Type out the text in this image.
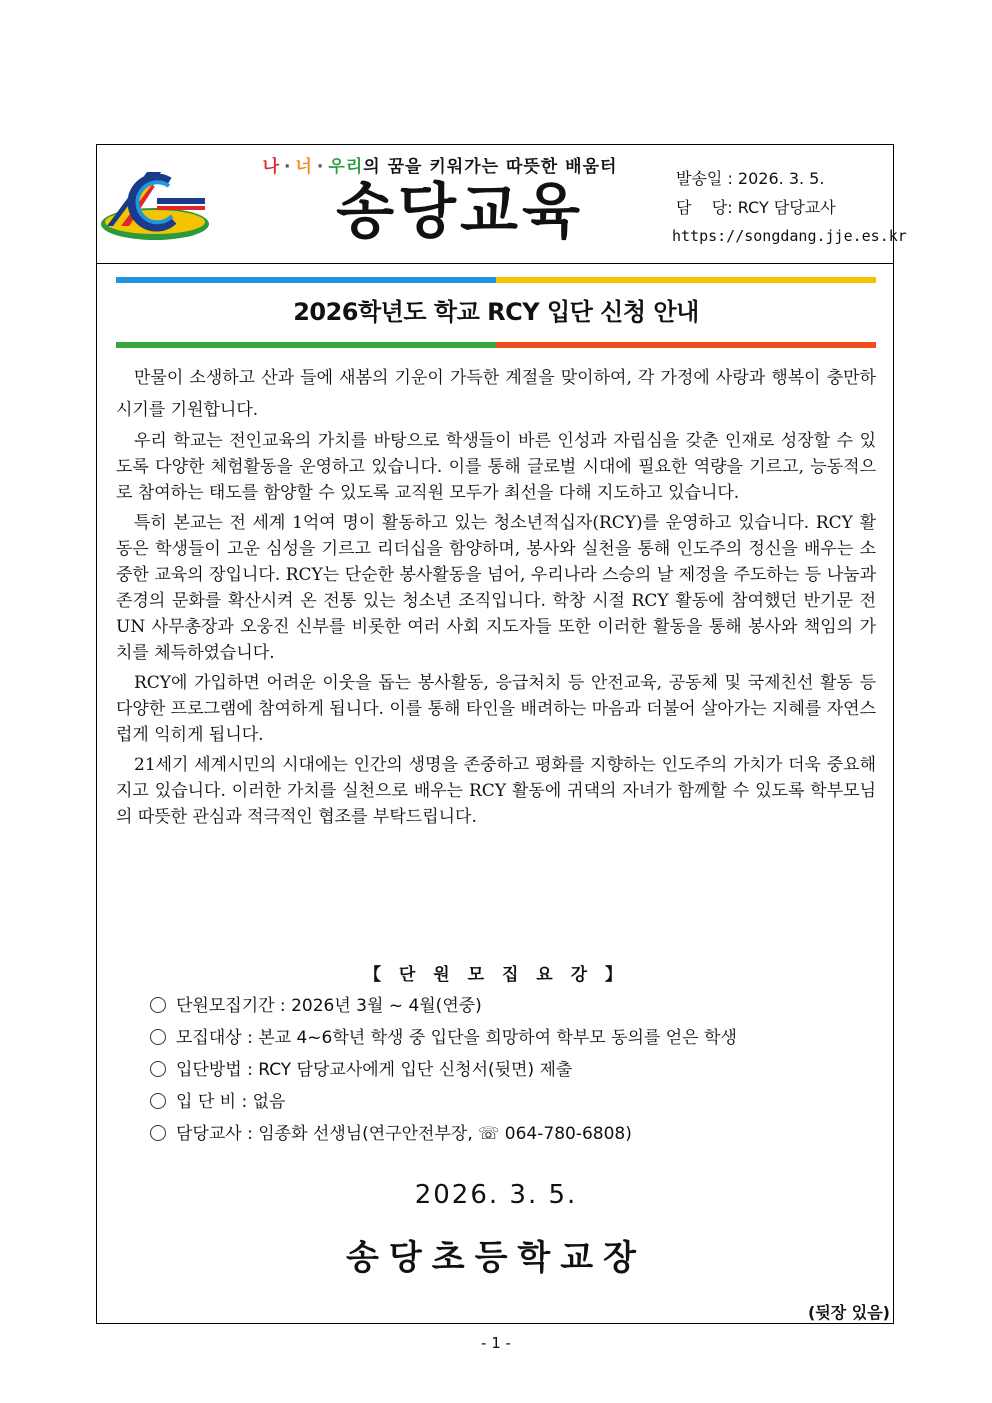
나 · 너 · 우리의 꿈을 키워가는 따뜻한 배움터
송당교육	발송일 : 2026. 3. 5.
담    당: RCY 담당교사
https://songdang.jje.es.kr
2026학년도 학교 RCY 입단 신청 안내

만물이 소생하고 산과 들에 새봄의 기운이 가득한 계절을 맞이하여, 각 가정에 사랑과 행복이 충만하시기를 기원합니다.

우리 학교는 전인교육의 가치를 바탕으로 학생들이 바른 인성과 자립심을 갖춘 인재로 성장할 수 있도록 다양한 체험활동을 운영하고 있습니다. 이를 통해 글로벌 시대에 필요한 역량을 기르고, 능동적으로 참여하는 태도를 함양할 수 있도록 교직원 모두가 최선을 다해 지도하고 있습니다.

특히 본교는 전 세계 1억여 명이 활동하고 있는 청소년적십자(RCY)를 운영하고 있습니다. RCY 활동은 학생들이 고운 심성을 기르고 리더십을 함양하며, 봉사와 실천을 통해 인도주의 정신을 배우는 소중한 교육의 장입니다. RCY는 단순한 봉사활동을 넘어, 우리나라 스승의 날 제정을 주도하는 등 나눔과 존경의 문화를 확산시켜 온 전통 있는 청소년 조직입니다. 학창 시절 RCY 활동에 참여했던 반기문 전 UN 사무총장과 오웅진 신부를 비롯한 여러 사회 지도자들 또한 이러한 활동을 통해 봉사와 책임의 가치를 체득하였습니다.

RCY에 가입하면 어려운 이웃을 돕는 봉사활동, 응급처치 등 안전교육, 공동체 및 국제친선 활동 등 다양한 프로그램에 참여하게 됩니다. 이를 통해 타인을 배려하는 마음과 더불어 살아가는 지혜를 자연스럽게 익히게 됩니다.

21세기 세계시민의 시대에는 인간의 생명을 존중하고 평화를 지향하는 인도주의 가치가 더욱 중요해지고 있습니다. 이러한 가치를 실천으로 배우는 RCY 활동에 귀댁의 자녀가 함께할 수 있도록 학부모님의 따뜻한 관심과 적극적인 협조를 부탁드립니다.

【 단 원 모 집 요 강 】
단원모집기간 : 2026년 3월 ~ 4월(연중)
모집대상 : 본교 4~6학년 학생 중 입단을 희망하여 학부모 동의를 얻은 학생
입단방법 : RCY 담당교사에게 입단 신청서(뒷면) 제출
입 단 비 : 없음
담당교사 : 임종화 선생님(연구안전부장, ☏ 064-780-6808)
2026. 3. 5.
송당초등학교장
(뒷장 있음)
- 1 -
